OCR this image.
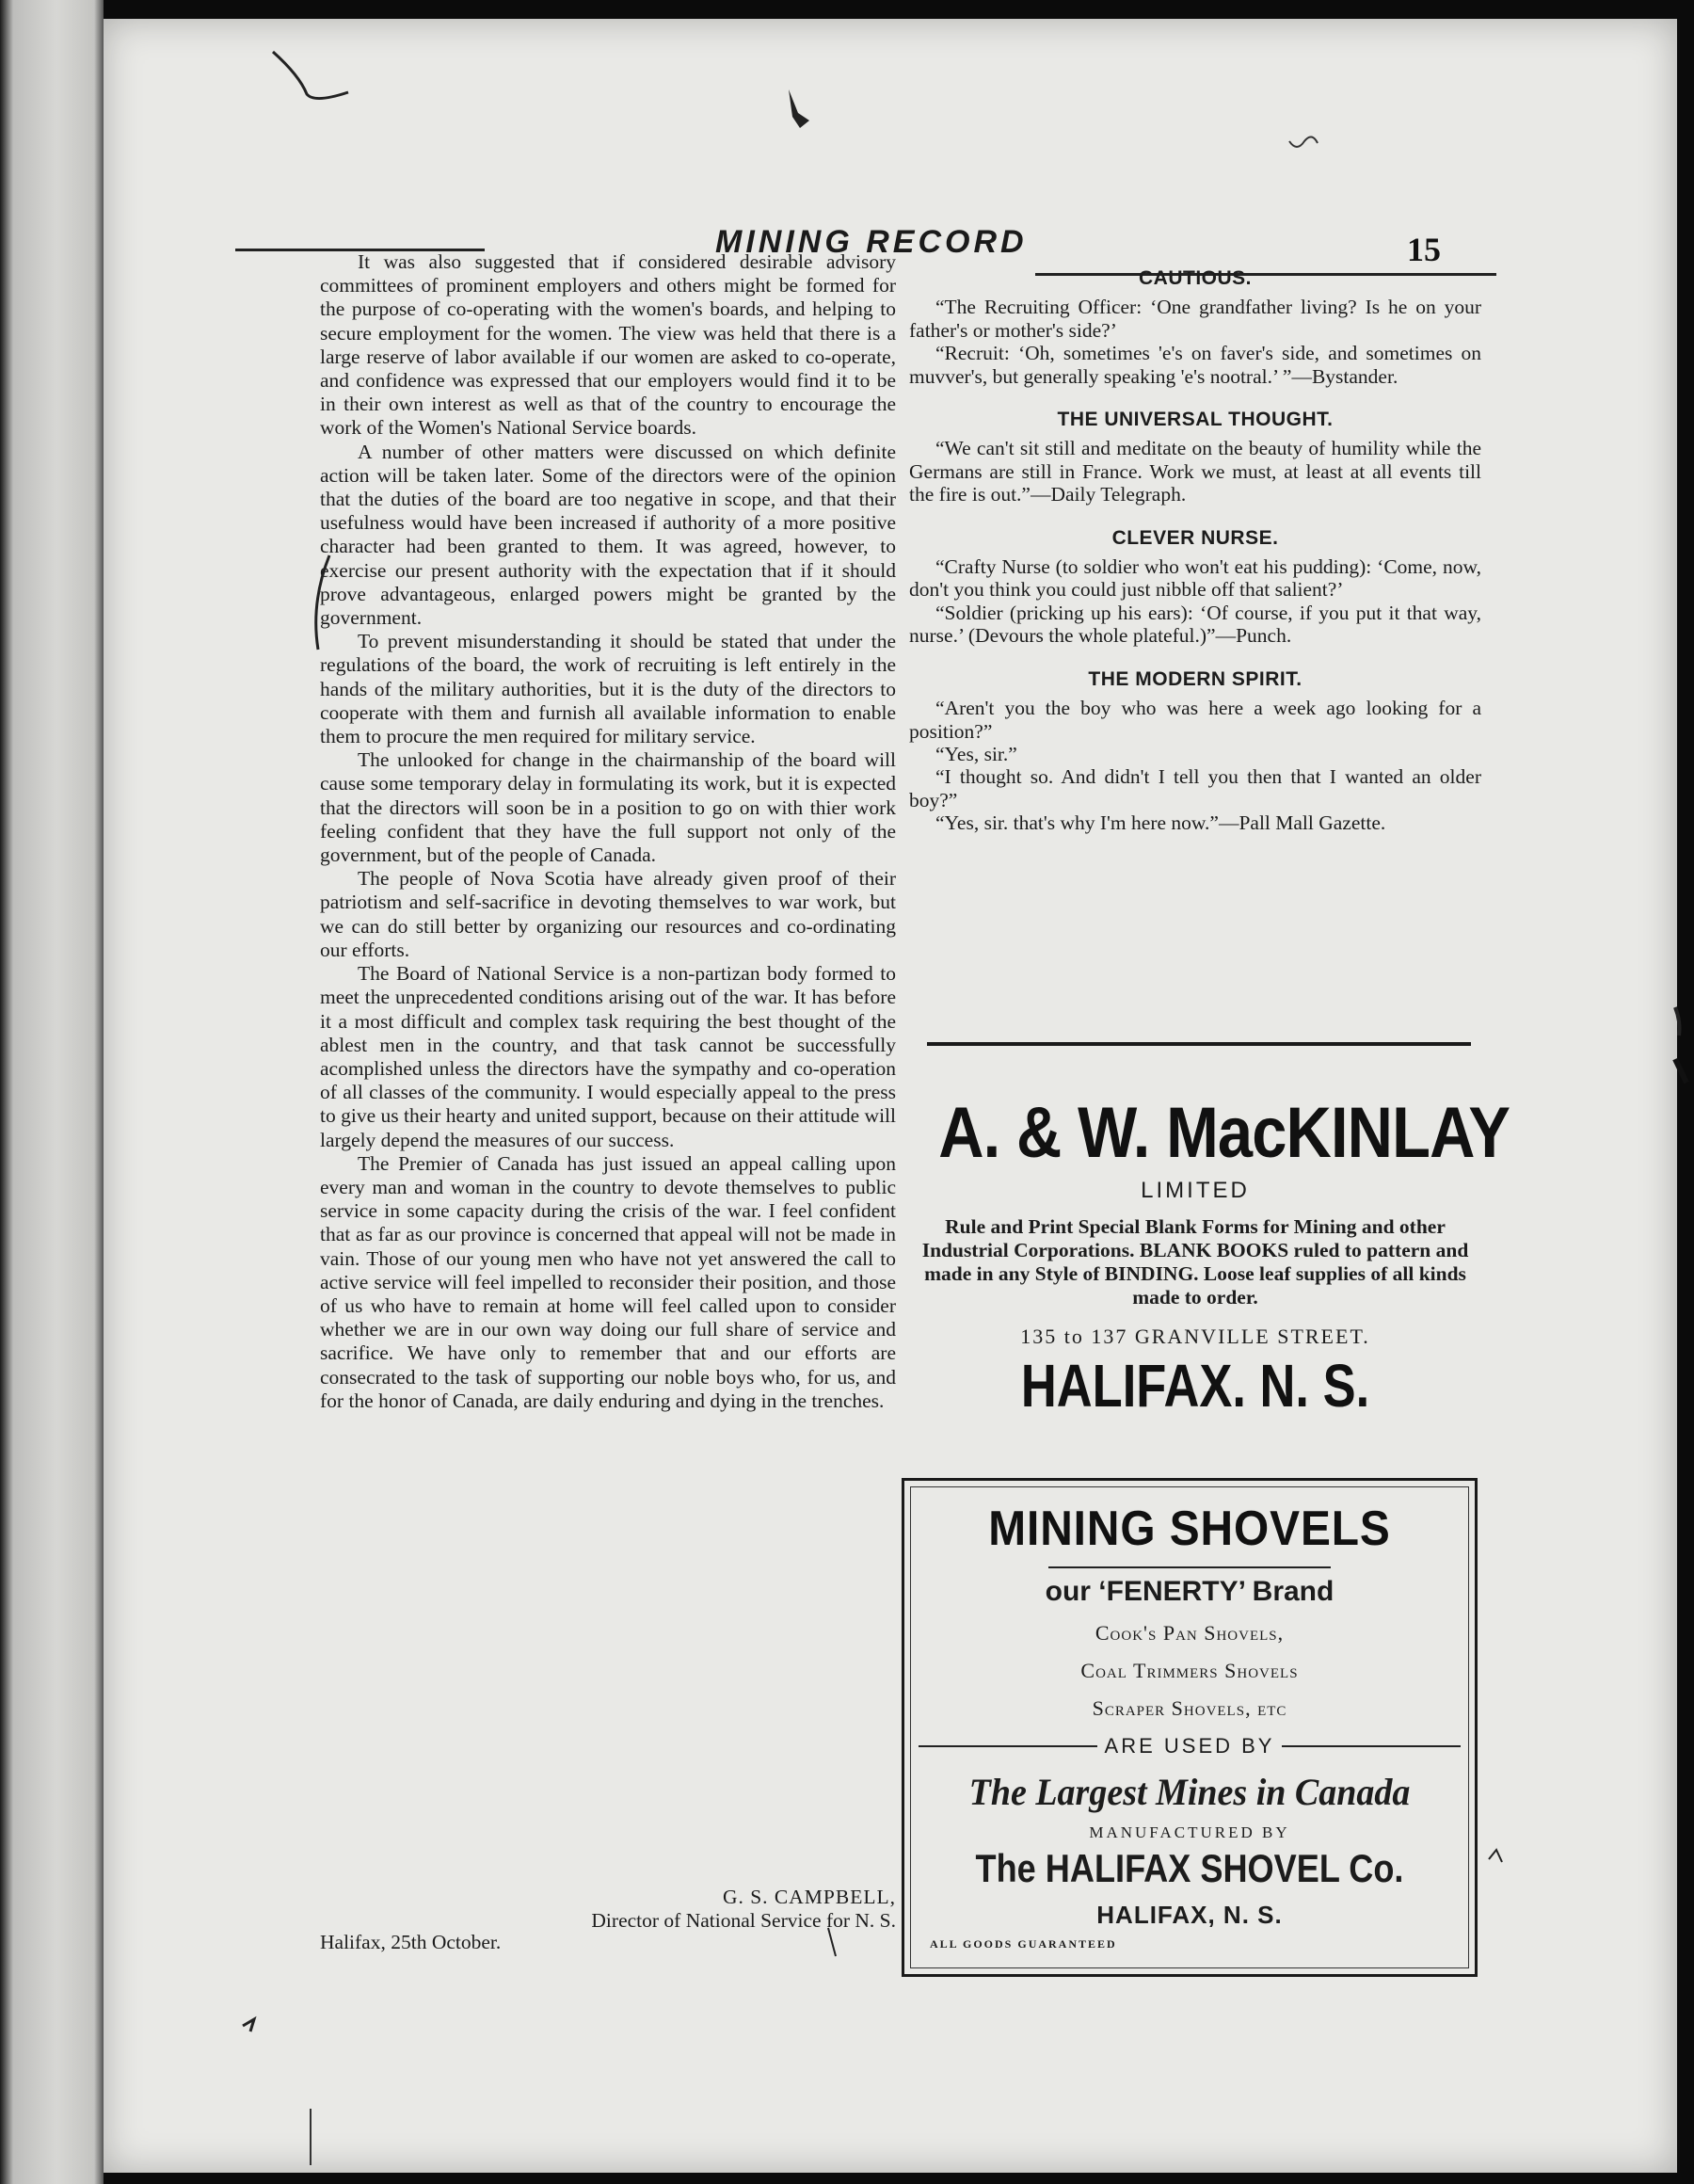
MINING RECORD	15

It was also suggested that if considered desirable advisory committees of prominent employers and others might be formed for the purpose of co-operating with the women's boards, and helping to secure employment for the women. The view was held that there is a large reserve of labor available if our women are asked to co-operate, and confidence was expressed that our employers would find it to be in their own interest as well as that of the country to encourage the work of the Women's National Service boards.

A number of other matters were discussed on which definite action will be taken later. Some of the directors were of the opinion that the duties of the board are too negative in scope, and that their usefulness would have been increased if authority of a more positive character had been granted to them. It was agreed, however, to exercise our present authority with the expectation that if it should prove advantageous, enlarged powers might be granted by the government.

To prevent misunderstanding it should be stated that under the regulations of the board, the work of recruiting is left entirely in the hands of the military authorities, but it is the duty of the directors to cooperate with them and furnish all available information to enable them to procure the men required for military service.

The unlooked for change in the chairmanship of the board will cause some temporary delay in formulating its work, but it is expected that the directors will soon be in a position to go on with thier work feeling confident that they have the full support not only of the government, but of the people of Canada.

The people of Nova Scotia have already given proof of their patriotism and self-sacrifice in devoting themselves to war work, but we can do still better by organizing our resources and co-ordinating our efforts.

The Board of National Service is a non-partizan body formed to meet the unprecedented conditions arising out of the war. It has before it a most difficult and complex task requiring the best thought of the ablest men in the country, and that task cannot be successfully acomplished unless the directors have the sympathy and co-operation of all classes of the community. I would especially appeal to the press to give us their hearty and united support, because on their attitude will largely depend the measures of our success.

The Premier of Canada has just issued an appeal calling upon every man and woman in the country to devote themselves to public service in some capacity during the crisis of the war. I feel confident that as far as our province is concerned that appeal will not be made in vain. Those of our young men who have not yet answered the call to active service will feel impelled to reconsider their position, and those of us who have to remain at home will feel called upon to consider whether we are in our own way doing our full share of service and sacrifice. We have only to remember that and our efforts are consecrated to the task of supporting our noble boys who, for us, and for the honor of Canada, are daily enduring and dying in the trenches.

G. S. CAMPBELL,
Director of National Service for N. S.
Halifax, 25th October.
CAUTIOUS.

“The Recruiting Officer: ‘One grandfather living? Is he on your father's or mother's side?’

“Recruit: ‘Oh, sometimes 'e's on faver's side, and sometimes on muvver's, but generally speaking 'e's nootral.’ ”—Bystander.

THE UNIVERSAL THOUGHT.

“We can't sit still and meditate on the beauty of humility while the Germans are still in France. Work we must, at least at all events till the fire is out.”—Daily Telegraph.

CLEVER NURSE.

“Crafty Nurse (to soldier who won't eat his pudding): ‘Come, now, don't you think you could just nibble off that salient?’

“Soldier (pricking up his ears): ‘Of course, if you put it that way, nurse.’ (Devours the whole plateful.)”—Punch.

THE MODERN SPIRIT.

“Aren't you the boy who was here a week ago looking for a position?”

“Yes, sir.”

“I thought so. And didn't I tell you then that I wanted an older boy?”

“Yes, sir. that's why I'm here now.”—Pall Mall Gazette.

A. & W. MacKINLAY
LIMITED
Rule and Print Special Blank Forms for Mining and other Industrial Corporations. BLANK BOOKS ruled to pattern and made in any Style of BINDING. Loose leaf supplies of all kinds made to order.
135 to 137 GRANVILLE STREET.
HALIFAX. N. S.
MINING SHOVELS
our ‘FENERTY’ Brand
Cook's Pan Shovels,
Coal Trimmers Shovels
Scraper Shovels, etc
ARE USED BY
The Largest Mines in Canada
MANUFACTURED BY
The HALIFAX SHOVEL Co.
HALIFAX, N. S.
ALL GOODS GUARANTEED
